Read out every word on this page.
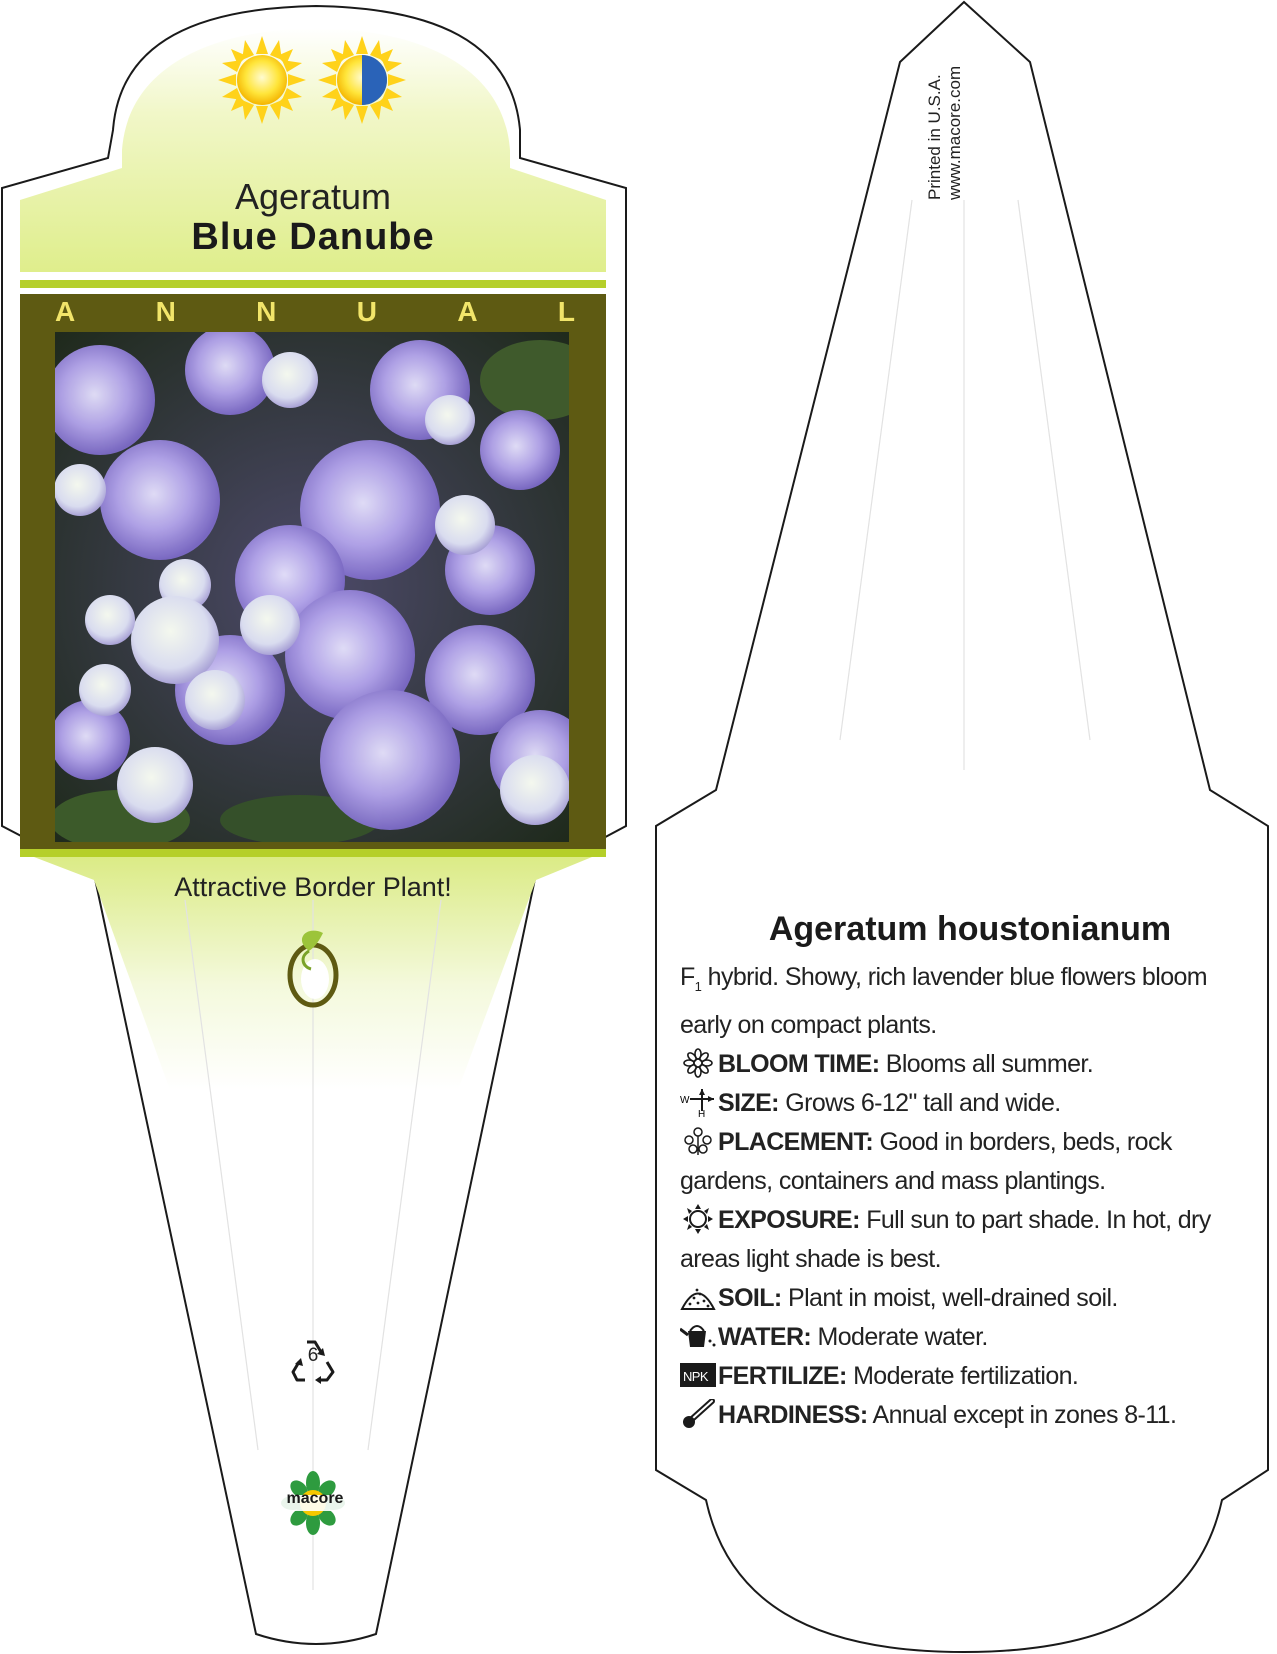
Ageratum
Blue Danube
A	N	N	U	A	L
Attractive Border Plant!
6
macore
Printed in U.S.A. www.macore.com
Ageratum houstonianum
$F_1$ hybrid. Showy, rich lavender blue flowers bloom early on compact plants.
BLOOM TIME: Blooms all summer.
W
H SIZE: Grows 6-12" tall and wide.
PLACEMENT: Good in borders, beds, rock gardens, containers and mass plantings.
EXPOSURE: Full sun to part shade. In hot, dry areas light shade is best.
SOIL: Plant in moist, well-drained soil.
WATER: Moderate water.
NPK FERTILIZE: Moderate fertilization.
HARDINESS: Annual except in zones 8-11.
